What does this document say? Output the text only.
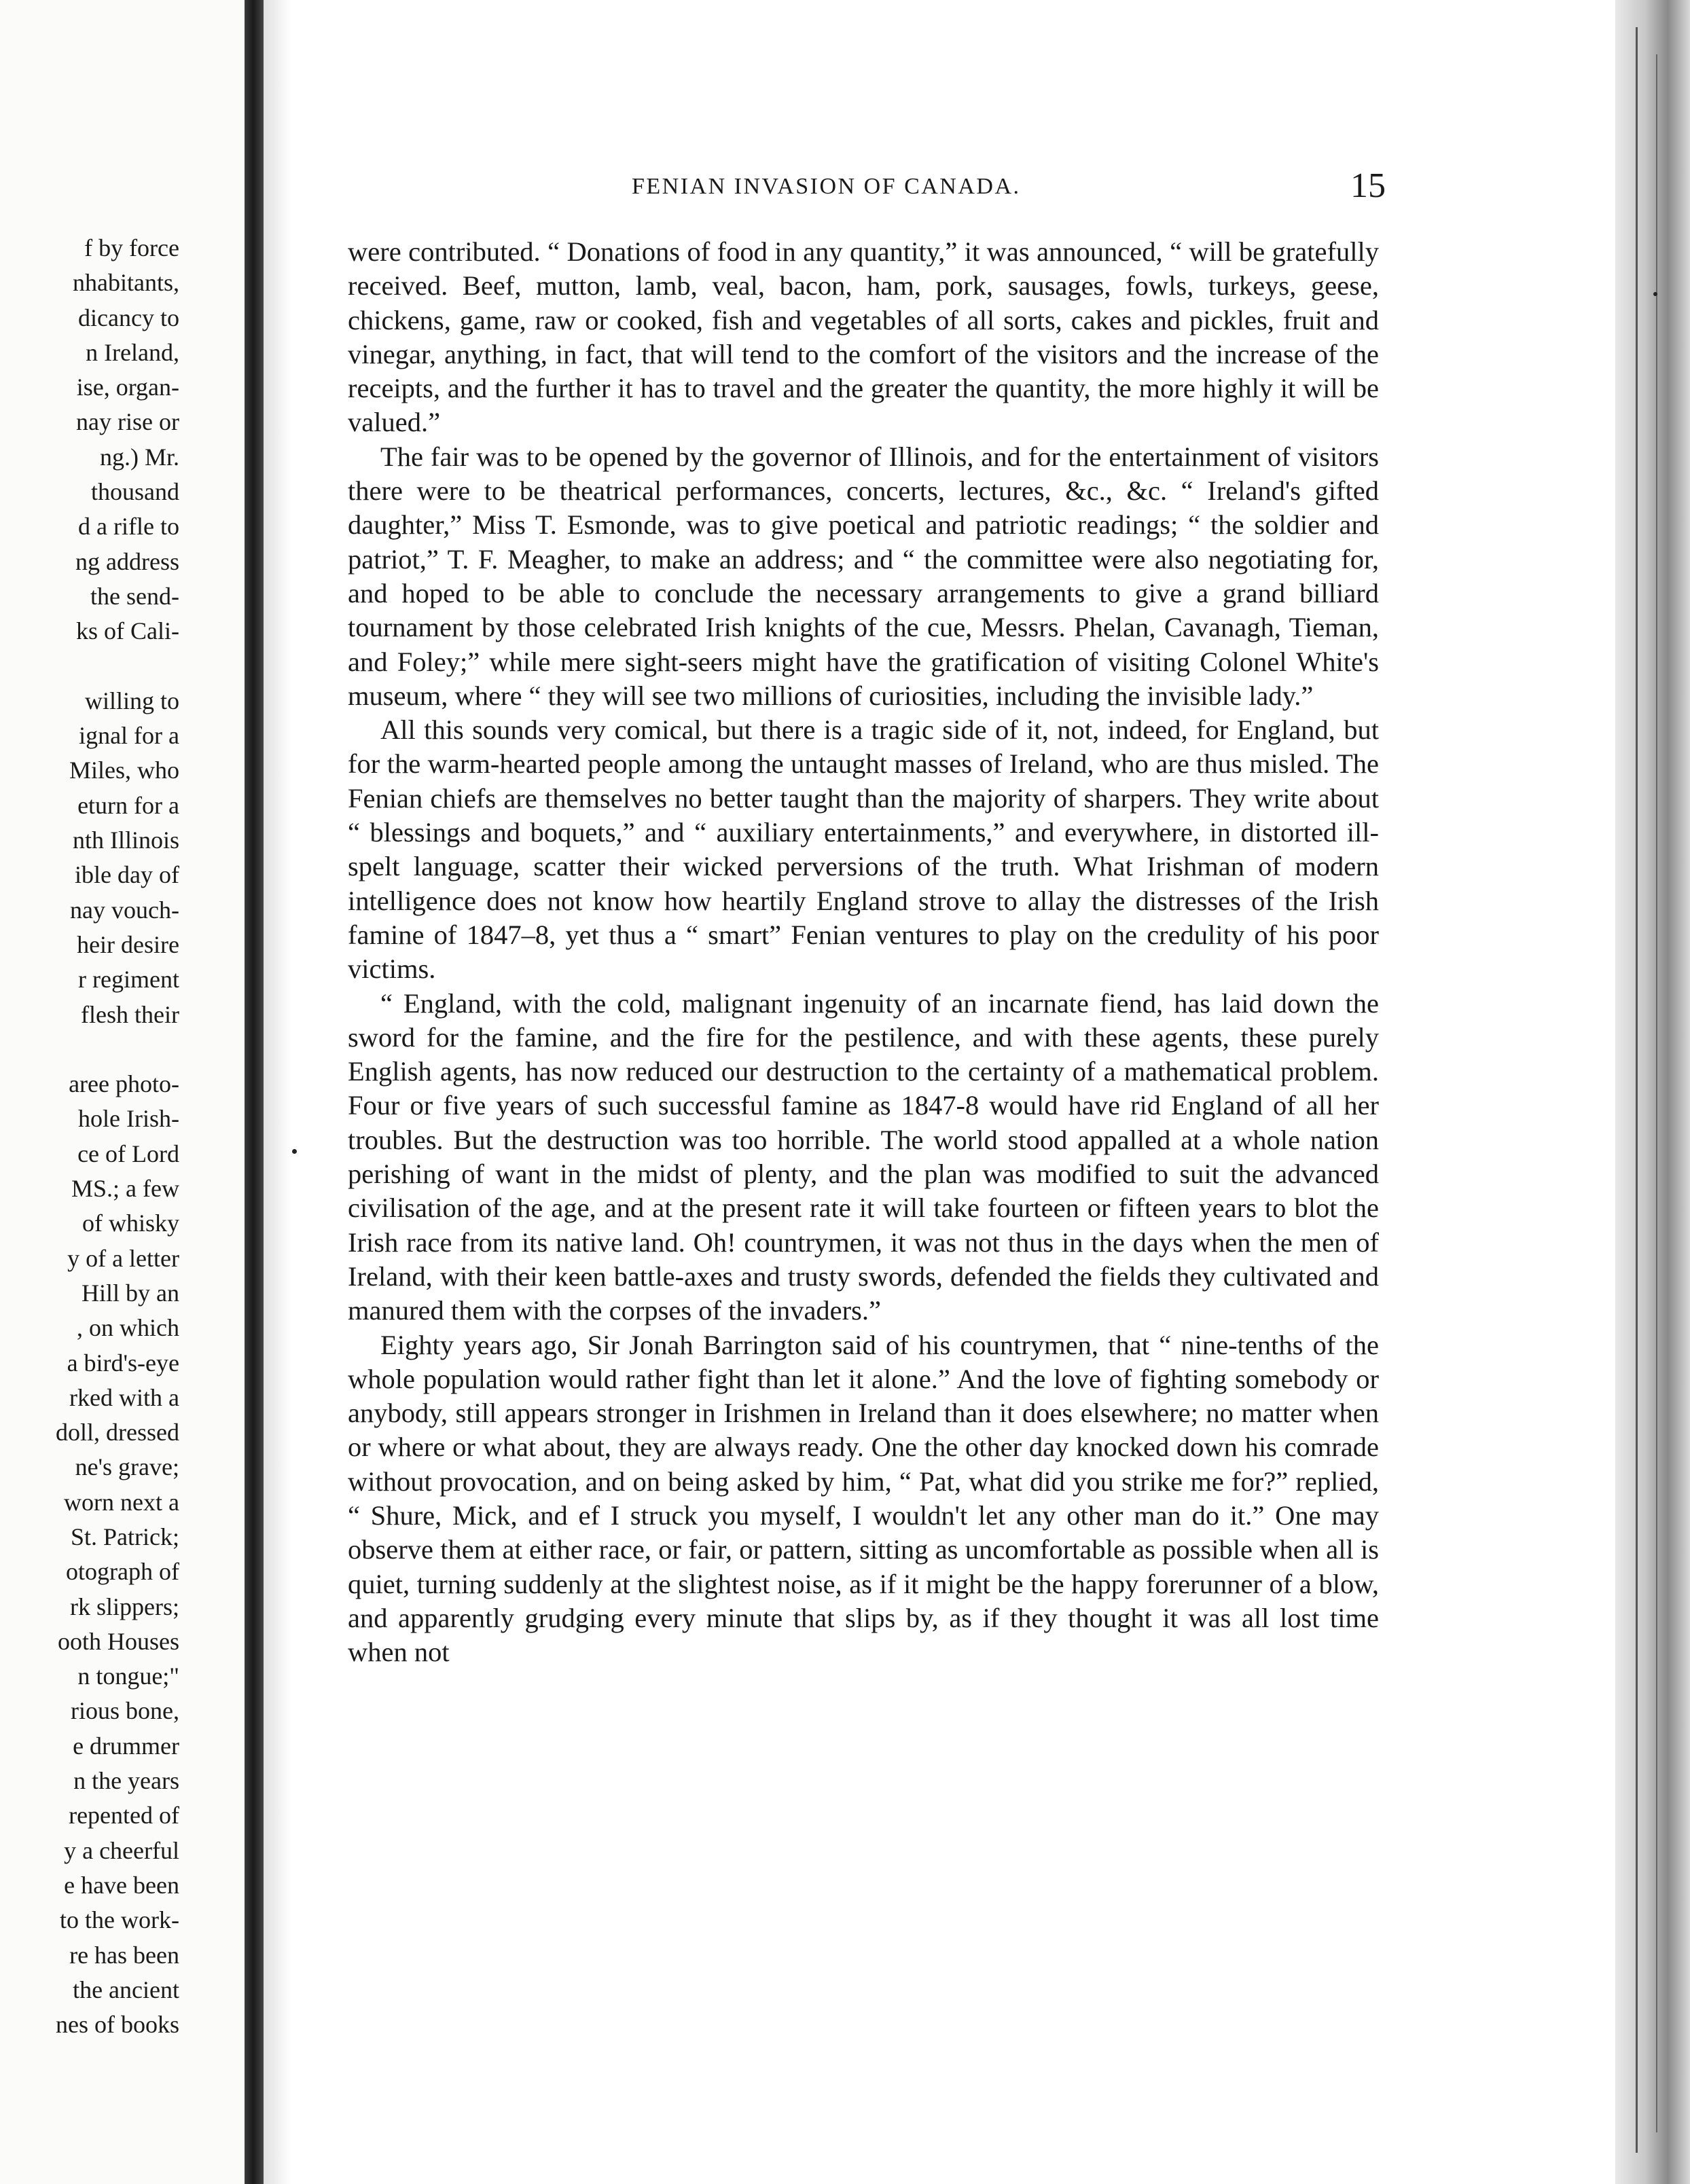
f by force
nhabitants,
dicancy to
n Ireland,
ise, organ-
nay rise or
ng.) Mr.
thousand
d a rifle to
ng address
the send-
ks of Cali-

willing to
ignal for a
Miles, who
eturn for a
nth Illinois
ible day of
nay vouch-
heir desire
r regiment
flesh their

aree photo-
hole Irish-
ce of Lord
MS.; a few
of whisky
y of a letter
Hill by an
, on which
a bird's-eye
rked with a
doll, dressed
ne's grave;
worn next a
St. Patrick;
otograph of
rk slippers;
ooth Houses
n tongue;"
rious bone,
e drummer
n the years
repented of
y a cheerful
e have been
to the work-
re has been
the ancient
nes of books
FENIAN INVASION OF CANADA.	15

were contributed. “ Donations of food in any quantity,” it was announced, “ will be gratefully received. Beef, mutton, lamb, veal, bacon, ham, pork, sausages, fowls, turkeys, geese, chickens, game, raw or cooked, fish and vegetables of all sorts, cakes and pickles, fruit and vinegar, anything, in fact, that will tend to the comfort of the visitors and the increase of the receipts, and the further it has to travel and the greater the quantity, the more highly it will be valued.”

The fair was to be opened by the governor of Illinois, and for the entertainment of visitors there were to be theatrical performances, concerts, lectures, &c., &c. “ Ireland's gifted daughter,” Miss T. Esmonde, was to give poetical and patriotic readings; “ the soldier and patriot,” T. F. Meagher, to make an address; and “ the committee were also negotiating for, and hoped to be able to conclude the necessary arrangements to give a grand billiard tournament by those celebrated Irish knights of the cue, Messrs. Phelan, Cavanagh, Tieman, and Foley;” while mere sight-seers might have the gratification of visiting Colonel White's museum, where “ they will see two millions of curiosities, including the invisible lady.”

All this sounds very comical, but there is a tragic side of it, not, indeed, for England, but for the warm-hearted people among the untaught masses of Ireland, who are thus misled. The Fenian chiefs are themselves no better taught than the majority of sharpers. They write about “ blessings and boquets,” and “ auxiliary entertainments,” and everywhere, in distorted ill-spelt language, scatter their wicked perversions of the truth. What Irishman of modern intelligence does not know how heartily England strove to allay the distresses of the Irish famine of 1847–8, yet thus a “ smart” Fenian ventures to play on the credulity of his poor victims.

“ England, with the cold, malignant ingenuity of an incarnate fiend, has laid down the sword for the famine, and the fire for the pestilence, and with these agents, these purely English agents, has now reduced our destruction to the certainty of a mathematical problem. Four or five years of such successful famine as 1847-8 would have rid England of all her troubles. But the destruction was too horrible. The world stood appalled at a whole nation perishing of want in the midst of plenty, and the plan was modified to suit the advanced civilisation of the age, and at the present rate it will take fourteen or fifteen years to blot the Irish race from its native land. Oh! countrymen, it was not thus in the days when the men of Ireland, with their keen battle-axes and trusty swords, defended the fields they cultivated and manured them with the corpses of the invaders.”

Eighty years ago, Sir Jonah Barrington said of his countrymen, that “ nine-tenths of the whole population would rather fight than let it alone.” And the love of fighting somebody or anybody, still appears stronger in Irishmen in Ireland than it does elsewhere; no matter when or where or what about, they are always ready. One the other day knocked down his comrade without provocation, and on being asked by him, “ Pat, what did you strike me for?” replied, “ Shure, Mick, and ef I struck you myself, I wouldn't let any other man do it.” One may observe them at either race, or fair, or pattern, sitting as uncomfortable as possible when all is quiet, turning suddenly at the slightest noise, as if it might be the happy forerunner of a blow, and apparently grudging every minute that slips by, as if they thought it was all lost time when not
